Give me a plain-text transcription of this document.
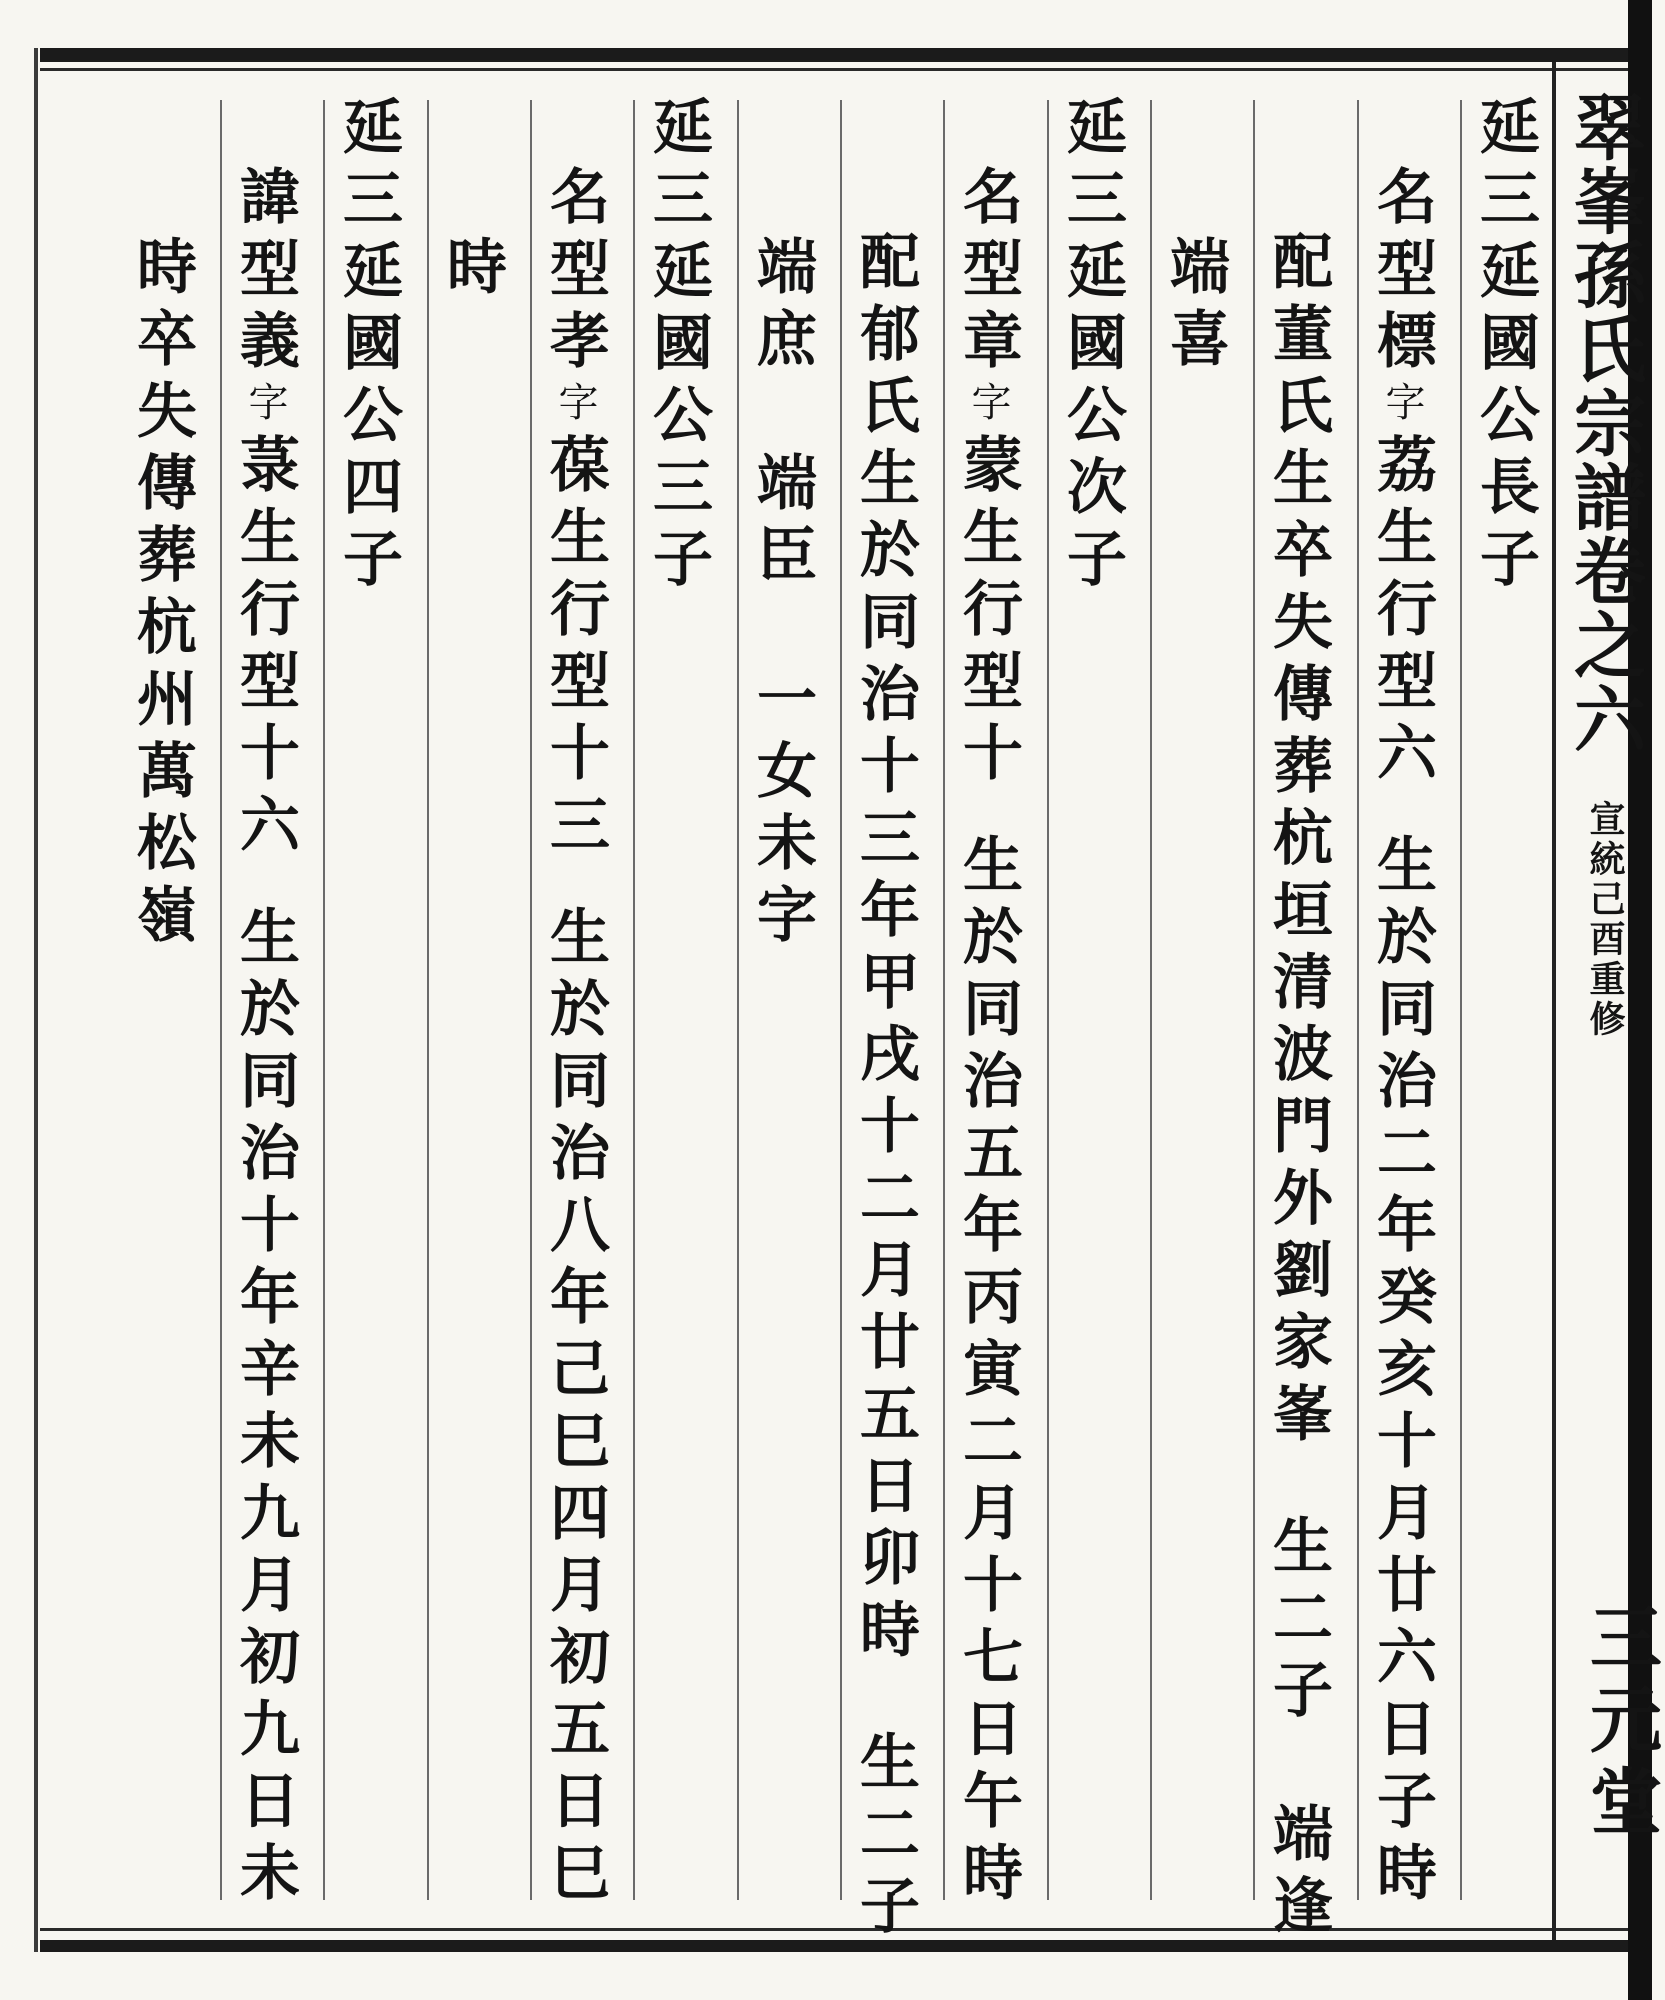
翠峯孫氏宗譜卷之六
宣統己酉重修
三元堂
延三延國公長子
名型標字荔生行型六生於同治二年癸亥十月廿六日子時
配董氏生卒失傳葬杭垣清波門外劉家峯生二子　端逢
端喜
延三延國公次子
名型章字蒙生行型十生於同治五年丙寅二月十七日午時
配郁氏生於同治十三年甲戌十二月廿五日卯時生二子
端庶　端臣　一女未字
延三延國公三子
名型孝字葆生行型十三生於同治八年己巳四月初五日巳
時
延三延國公四子
諱型義字菉生行型十六生於同治十年辛未九月初九日未
時卒失傳葬杭州萬松嶺
